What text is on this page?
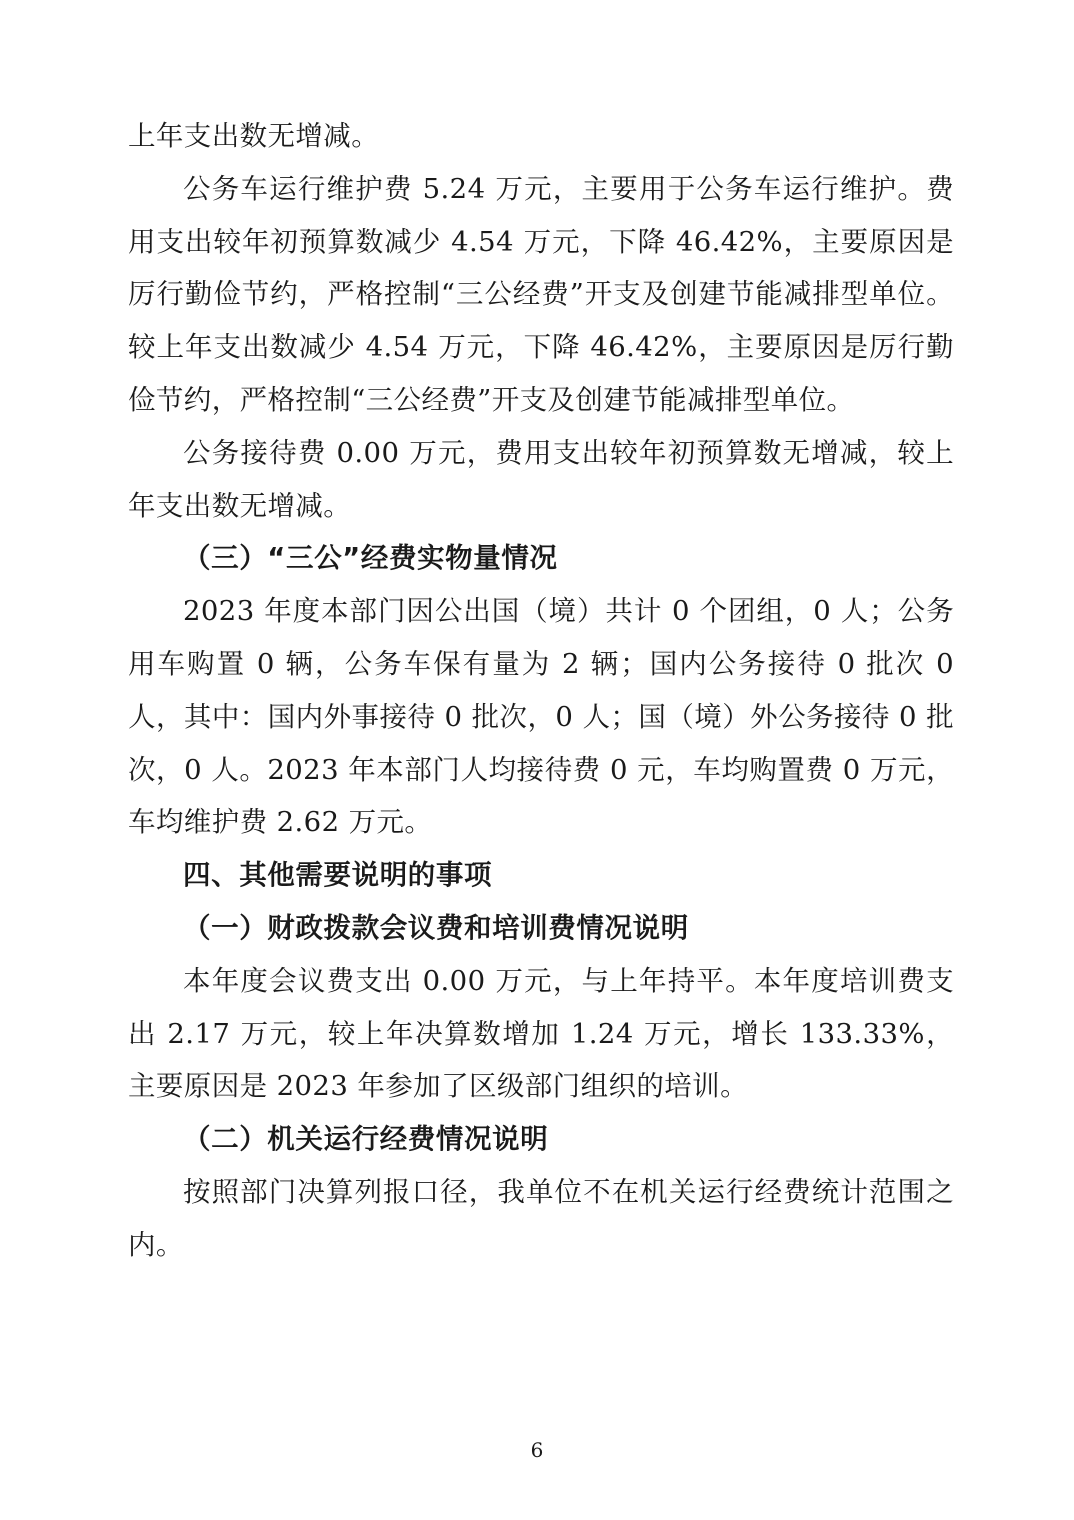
上年支出数无增减。

公务车运行维护费 5.24 万元，主要用于公务车运行维护。费用支出较年初预算数减少 4.54 万元，下降 46.42%，主要原因是厉行勤俭节约，严格控制“三公经费”开支及创建节能减排型单位。较上年支出数减少 4.54 万元，下降 46.42%，主要原因是厉行勤俭节约，严格控制“三公经费”开支及创建节能减排型单位。

公务接待费 0.00 万元，费用支出较年初预算数无增减，较上年支出数无增减。

（三）“三公”经费实物量情况

2023 年度本部门因公出国（境）共计 0 个团组，0 人；公务用车购置 0 辆，公务车保有量为 2 辆；国内公务接待 0 批次 0 人，其中：国内外事接待 0 批次，0 人；国（境）外公务接待 0 批次，0 人。2023 年本部门人均接待费 0 元，车均购置费 0 万元，车均维护费 2.62 万元。

四、其他需要说明的事项
（一）财政拨款会议费和培训费情况说明

本年度会议费支出 0.00 万元，与上年持平。本年度培训费支出 2.17 万元，较上年决算数增加 1.24 万元，增长 133.33%，主要原因是 2023 年参加了区级部门组织的培训。

（二）机关运行经费情况说明

按照部门决算列报口径，我单位不在机关运行经费统计范围之内。

6
